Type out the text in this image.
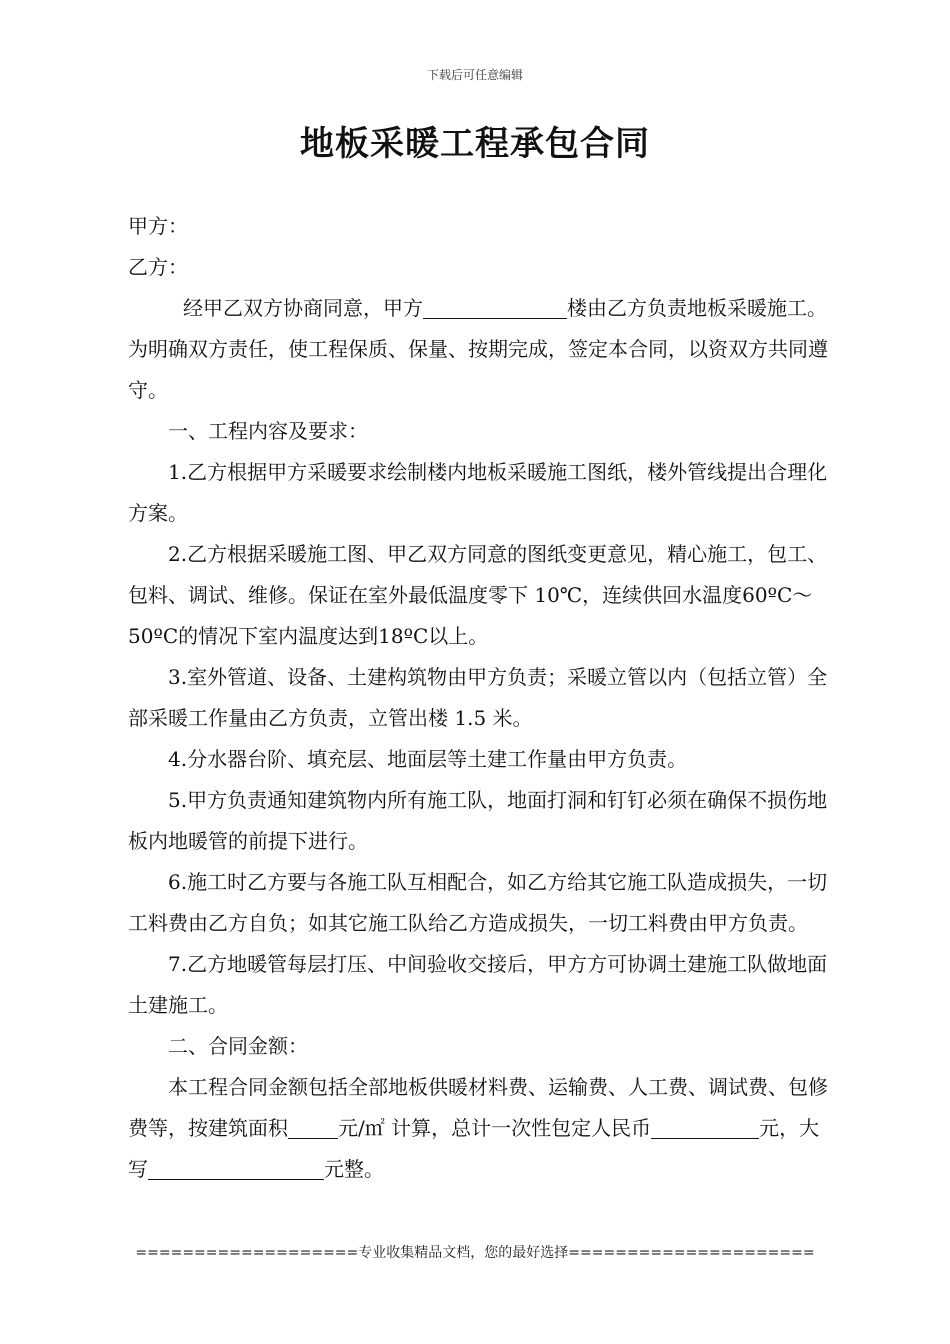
下载后可任意编辑
地板采暖工程承包合同

甲方：

乙方：

经甲乙双方协商同意，甲方	楼由乙方负责地板采暖施工。为明确双方责任，使工程保质、保量、按期完成，签定本合同，以资双方共同遵守。

一、工程内容及要求：

1.乙方根据甲方采暖要求绘制楼内地板采暖施工图纸，楼外管线提出合理化方案。

2.乙方根据采暖施工图、甲乙双方同意的图纸变更意见，精心施工，包工、包料、调试、维修。保证在室外最低温度零下 10℃，连续供回水温度60ºC～50ºC的情况下室内温度达到18ºC以上。

3.室外管道、设备、土建构筑物由甲方负责；采暖立管以内（包括立管）全部采暖工作量由乙方负责，立管出楼 1.5 米。

4.分水器台阶、填充层、地面层等土建工作量由甲方负责。

5.甲方负责通知建筑物内所有施工队，地面打洞和钉钉必须在确保不损伤地板内地暖管的前提下进行。

6.施工时乙方要与各施工队互相配合，如乙方给其它施工队造成损失，一切工料费由乙方自负；如其它施工队给乙方造成损失，一切工料费由甲方负责。

7.乙方地暖管每层打压、中间验收交接后，甲方方可协调土建施工队做地面土建施工。

二、合同金额：

本工程合同金额包括全部地板供暖材料费、运输费、人工费、调试费、包修费等，按建筑面积	元/㎡ 计算，总计一次性包定人民币	元，大写	元整。

===================专业收集精品文档，您的最好选择=====================
